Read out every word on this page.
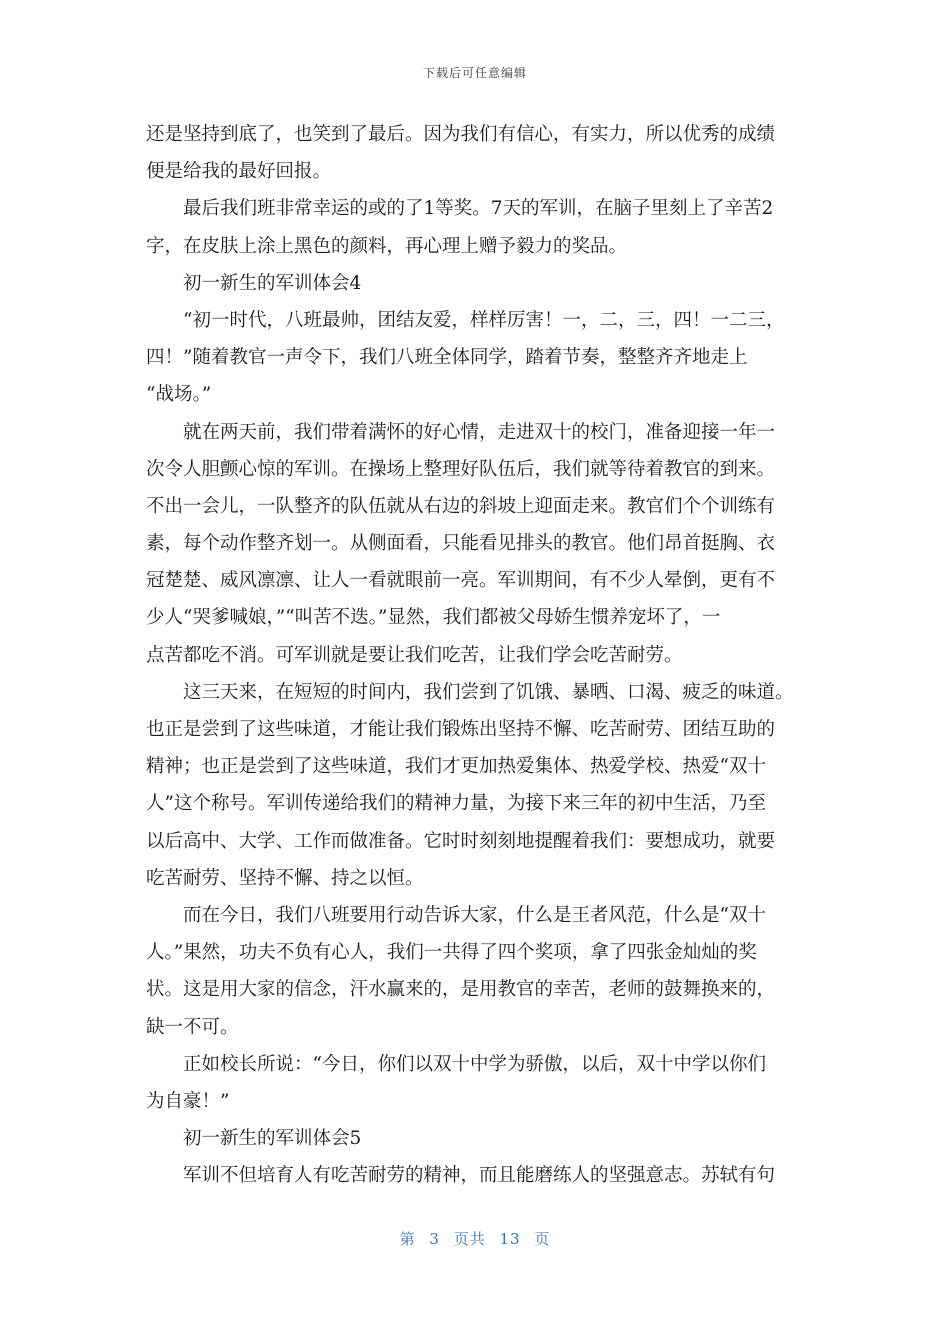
下载后可任意编辑
还是坚持到底了，也笑到了最后。因为我们有信心，有实力，所以优秀的成绩
便是给我的最好回报。
最后我们班非常幸运的或的了1等奖。7天的军训，在脑子里刻上了辛苦2
字，在皮肤上涂上黑色的颜料，再心理上赠予毅力的奖品。
初一新生的军训体会4
“初一时代，八班最帅，团结友爱，样样厉害！一，二，三，四！一二三，
四！”随着教官一声令下，我们八班全体同学，踏着节奏，整整齐齐地走上
“战场。”
就在两天前，我们带着满怀的好心情，走进双十的校门，准备迎接一年一
次令人胆颤心惊的军训。在操场上整理好队伍后，我们就等待着教官的到来。
不出一会儿，一队整齐的队伍就从右边的斜坡上迎面走来。教官们个个训练有
素，每个动作整齐划一。从侧面看，只能看见排头的教官。他们昂首挺胸、衣
冠楚楚、威风凛凛、让人一看就眼前一亮。军训期间，有不少人晕倒，更有不
少人“哭爹喊娘，”“叫苦不迭。”显然，我们都被父母娇生惯养宠坏了，一
点苦都吃不消。可军训就是要让我们吃苦，让我们学会吃苦耐劳。
这三天来，在短短的时间内，我们尝到了饥饿、暴晒、口渴、疲乏的味道。
也正是尝到了这些味道，才能让我们锻炼出坚持不懈、吃苦耐劳、团结互助的
精神；也正是尝到了这些味道，我们才更加热爱集体、热爱学校、热爱“双十
人”这个称号。军训传递给我们的精神力量，为接下来三年的初中生活，乃至
以后高中、大学、工作而做准备。它时时刻刻地提醒着我们：要想成功，就要
吃苦耐劳、坚持不懈、持之以恒。
而在今日，我们八班要用行动告诉大家，什么是王者风范，什么是“双十
人。”果然，功夫不负有心人，我们一共得了四个奖项，拿了四张金灿灿的奖
状。这是用大家的信念，汗水赢来的，是用教官的幸苦，老师的鼓舞换来的，
缺一不可。
正如校长所说：“今日，你们以双十中学为骄傲，以后，双十中学以你们
为自豪！”
初一新生的军训体会5
军训不但培育人有吃苦耐劳的精神，而且能磨练人的坚强意志。苏轼有句
第 3 页共 13 页
